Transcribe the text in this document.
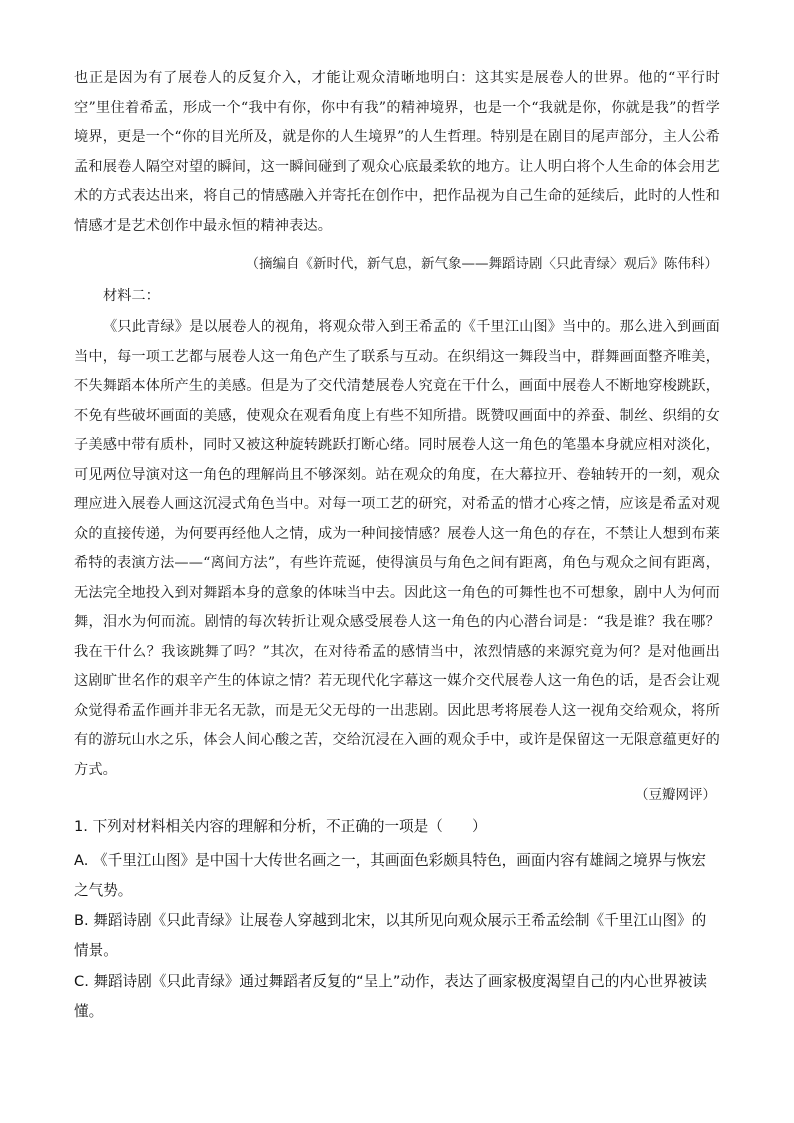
也正是因为有了展卷人的反复介入，才能让观众清晰地明白：这其实是展卷人的世界。他的“平行时空”里住着希孟，形成一个“我中有你，你中有我”的精神境界，也是一个“我就是你，你就是我”的哲学境界，更是一个“你的目光所及，就是你的人生境界”的人生哲理。特别是在剧目的尾声部分，主人公希孟和展卷人隔空对望的瞬间，这一瞬间碰到了观众心底最柔软的地方。让人明白将个人生命的体会用艺术的方式表达出来，将自己的情感融入并寄托在创作中，把作品视为自己生命的延续后，此时的人性和情感才是艺术创作中最永恒的精神表达。
（摘编自《新时代，新气息，新气象——舞蹈诗剧〈只此青绿〉观后》陈伟科）
材料二：
《只此青绿》是以展卷人的视角，将观众带入到王希孟的《千里江山图》当中的。那么进入到画面当中，每一项工艺都与展卷人这一角色产生了联系与互动。在织绢这一舞段当中，群舞画面整齐唯美，不失舞蹈本体所产生的美感。但是为了交代清楚展卷人究竟在干什么，画面中展卷人不断地穿梭跳跃，不免有些破坏画面的美感，使观众在观看角度上有些不知所措。既赞叹画面中的养蚕、制丝、织绢的女子美感中带有质朴，同时又被这种旋转跳跃打断心绪。同时展卷人这一角色的笔墨本身就应相对淡化，可见两位导演对这一角色的理解尚且不够深刻。站在观众的角度，在大幕拉开、卷轴转开的一刻，观众理应进入展卷人画这沉浸式角色当中。对每一项工艺的研究，对希孟的惜才心疼之情，应该是希孟对观众的直接传递，为何要再经他人之情，成为一种间接情感？展卷人这一角色的存在，不禁让人想到布莱希特的表演方法——“离间方法”，有些许荒诞，使得演员与角色之间有距离，角色与观众之间有距离，无法完全地投入到对舞蹈本身的意象的体味当中去。因此这一角色的可舞性也不可想象，剧中人为何而舞，泪水为何而流。剧情的每次转折让观众感受展卷人这一角色的内心潜台词是：“我是谁？我在哪？我在干什么？我该跳舞了吗？”其次，在对待希孟的感情当中，浓烈情感的来源究竟为何？是对他画出这剧旷世名作的艰辛产生的体谅之情？若无现代化字幕这一媒介交代展卷人这一角色的话，是否会让观众觉得希孟作画并非无名无款，而是无父无母的一出悲剧。因此思考将展卷人这一视角交给观众，将所有的游玩山水之乐，体会人间心酸之苦，交给沉浸在入画的观众手中，或许是保留这一无限意蕴更好的方式。
（豆瓣网评）
1. 下列对材料相关内容的理解和分析，不正确的一项是（　　）
A. 《千里江山图》是中国十大传世名画之一，其画面色彩颇具特色，画面内容有雄阔之境界与恢宏之气势。
B. 舞蹈诗剧《只此青绿》让展卷人穿越到北宋，以其所见向观众展示王希孟绘制《千里江山图》的情景。
C. 舞蹈诗剧《只此青绿》通过舞蹈者反复的“呈上”动作，表达了画家极度渴望自己的内心世界被读懂。
